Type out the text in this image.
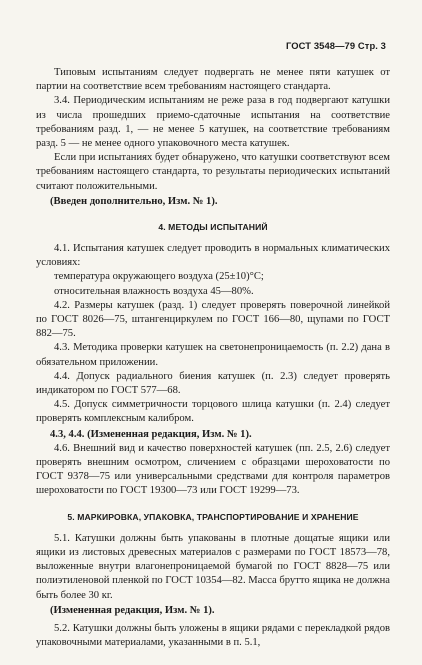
ГОСТ 3548—79 Стр. 3

Типовым испытаниям следует подвергать не менее пяти катушек от партии на соответствие всем требованиям настоящего стандарта.

3.4. Периодическим испытаниям не реже раза в год подвергают катушки из числа прошедших приемо-сдаточные испытания на соответствие требованиям разд. 1, — не менее 5 катушек, на соответствие требованиям разд. 5 — не менее одного упаковочного места катушек.

Если при испытаниях будет обнаружено, что катушки соответствуют всем требованиям настоящего стандарта, то результаты периодических испытаний считают положительными.

(Введен дополнительно, Изм. № 1).

4. МЕТОДЫ ИСПЫТАНИЙ

4.1. Испытания катушек следует проводить в нормальных климатических условиях:

температура окружающего воздуха (25±10)°С;

относительная влажность воздуха 45—80%.

4.2. Размеры катушек (разд. 1) следует проверять поверочной линейкой по ГОСТ 8026—75, штангенциркулем по ГОСТ 166—80, щупами по ГОСТ 882—75.

4.3. Методика проверки катушек на светонепроницаемость (п. 2.2) дана в обязательном приложении.

4.4. Допуск радиального биения катушек (п. 2.3) следует проверять индикатором по ГОСТ 577—68.

4.5. Допуск симметричности торцового шлица катушки (п. 2.4) следует проверять комплексным калибром.

4.3, 4.4. (Измененная редакция, Изм. № 1).

4.6. Внешний вид и качество поверхностей катушек (пп. 2.5, 2.6) следует проверять внешним осмотром, сличением с образцами шероховатости по ГОСТ 9378—75 или универсальными средствами для контроля параметров шероховатости по ГОСТ 19300—73 или ГОСТ 19299—73.

5. МАРКИРОВКА, УПАКОВКА, ТРАНСПОРТИРОВАНИЕ И ХРАНЕНИЕ

5.1. Катушки должны быть упакованы в плотные дощатые ящики или ящики из листовых древесных материалов с размерами по ГОСТ 18573—78, выложенные внутри влагонепроницаемой бумагой по ГОСТ 8828—75 или полиэтиленовой пленкой по ГОСТ 10354—82. Масса брутто ящика не должна быть более 30 кг.

(Измененная редакция, Изм. № 1).

5.2. Катушки должны быть уложены в ящики рядами с перекладкой рядов упаковочными материалами, указанными в п. 5.1,
